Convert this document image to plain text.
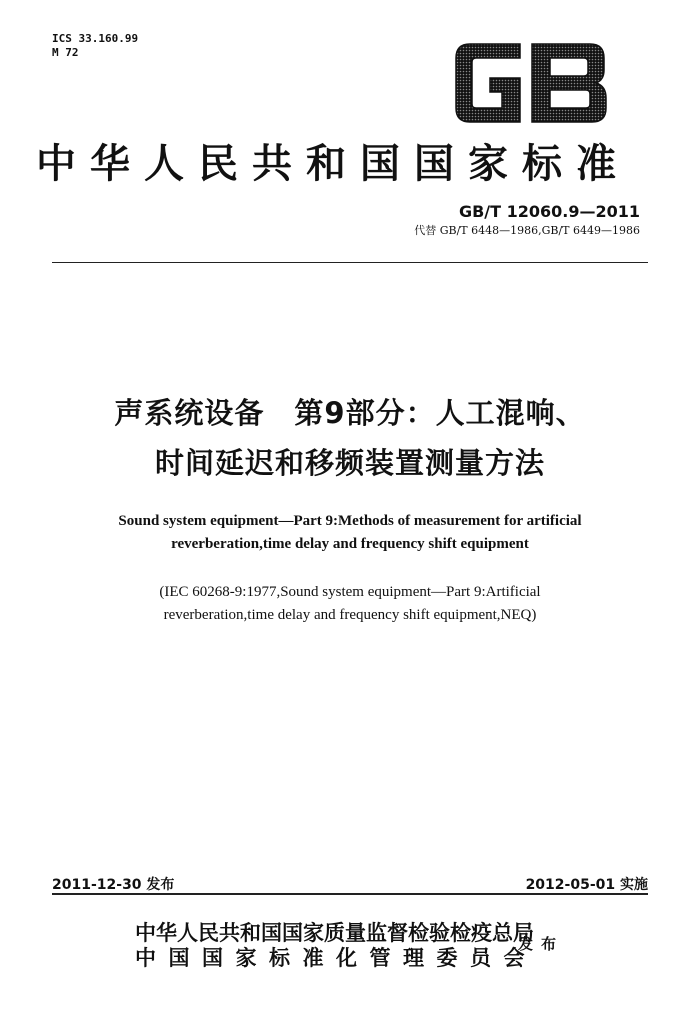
ICS 33.160.99
M 72
中华人民共和国国家标准
GB/T 12060.9—2011
代替 GB/T 6448—1986,GB/T 6449—1986
声系统设备　第9部分：人工混响、
时间延迟和移频装置测量方法
Sound system equipment—Part 9:Methods of measurement for artificial
reverberation,time delay and frequency shift equipment
(IEC 60268-9:1977,Sound system equipment—Part 9:Artificial
reverberation,time delay and frequency shift equipment,NEQ)
2011-12-30 发布	2012-05-01 实施
中华人民共和国国家质量监督检验检疫总局
中国国家标准化管理委员会
发布
